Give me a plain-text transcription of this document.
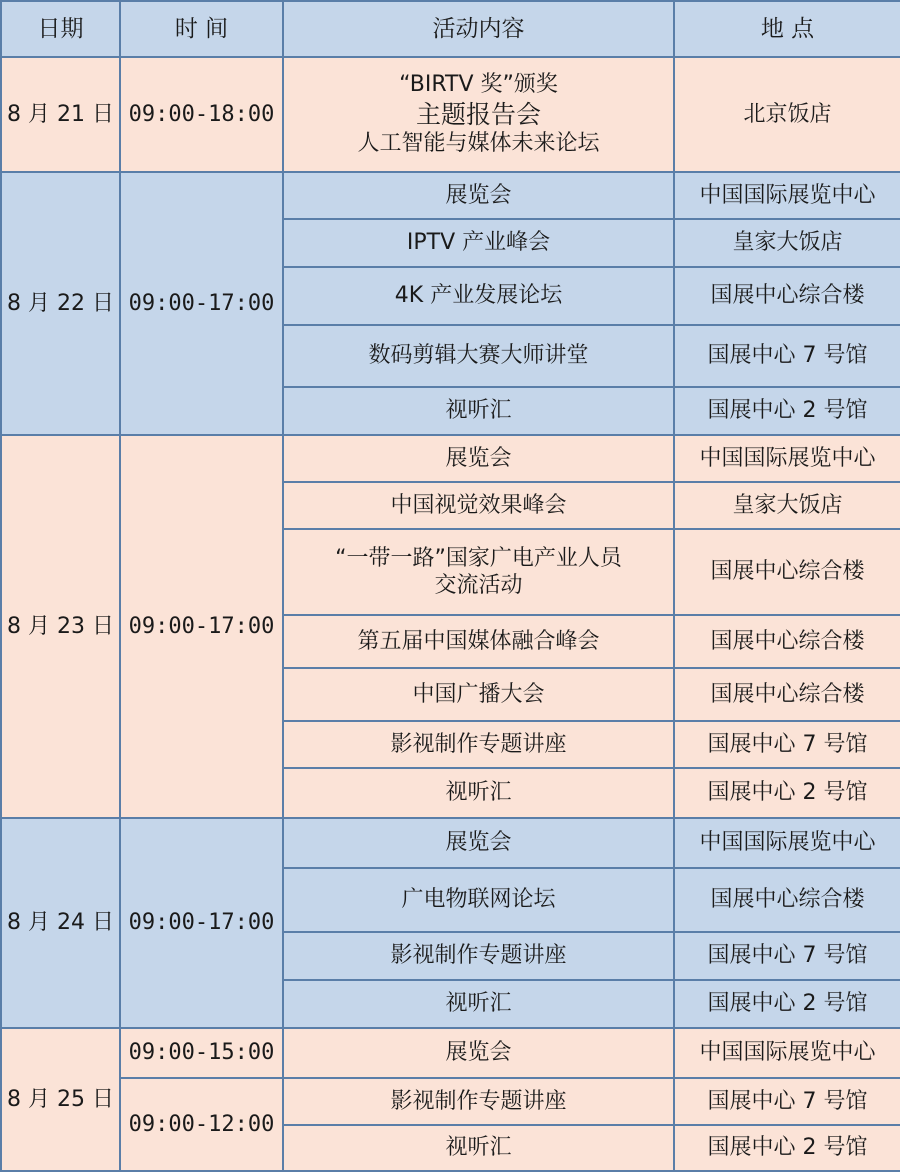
日期	时 间	活动内容	地 点
8 月 21 日	09:00-18:00	“BIRTV 奖”颁奖
主题报告会
人工智能与媒体未来论坛	北京饭店
8 月 22 日	09:00-17:00	展览会	中国国际展览中心
		IPTV 产业峰会	皇家大饭店
		4K 产业发展论坛	国展中心综合楼
		数码剪辑大赛大师讲堂	国展中心 7 号馆
		视听汇	国展中心 2 号馆
8 月 23 日	09:00-17:00	展览会	中国国际展览中心
		中国视觉效果峰会	皇家大饭店

		“一带一路”国家广电产业人员
交流活动	国展中心综合楼
		第五届中国媒体融合峰会	国展中心综合楼
		中国广播大会	国展中心综合楼
		影视制作专题讲座	国展中心 7 号馆
		视听汇	国展中心 2 号馆
8 月 24 日	09:00-17:00	展览会	中国国际展览中心
		广电物联网论坛	国展中心综合楼
		影视制作专题讲座	国展中心 7 号馆
		视听汇	国展中心 2 号馆
8 月 25 日	09:00-15:00	展览会	中国国际展览中心
	09:00-12:00	影视制作专题讲座	国展中心 7 号馆
		视听汇	国展中心 2 号馆
